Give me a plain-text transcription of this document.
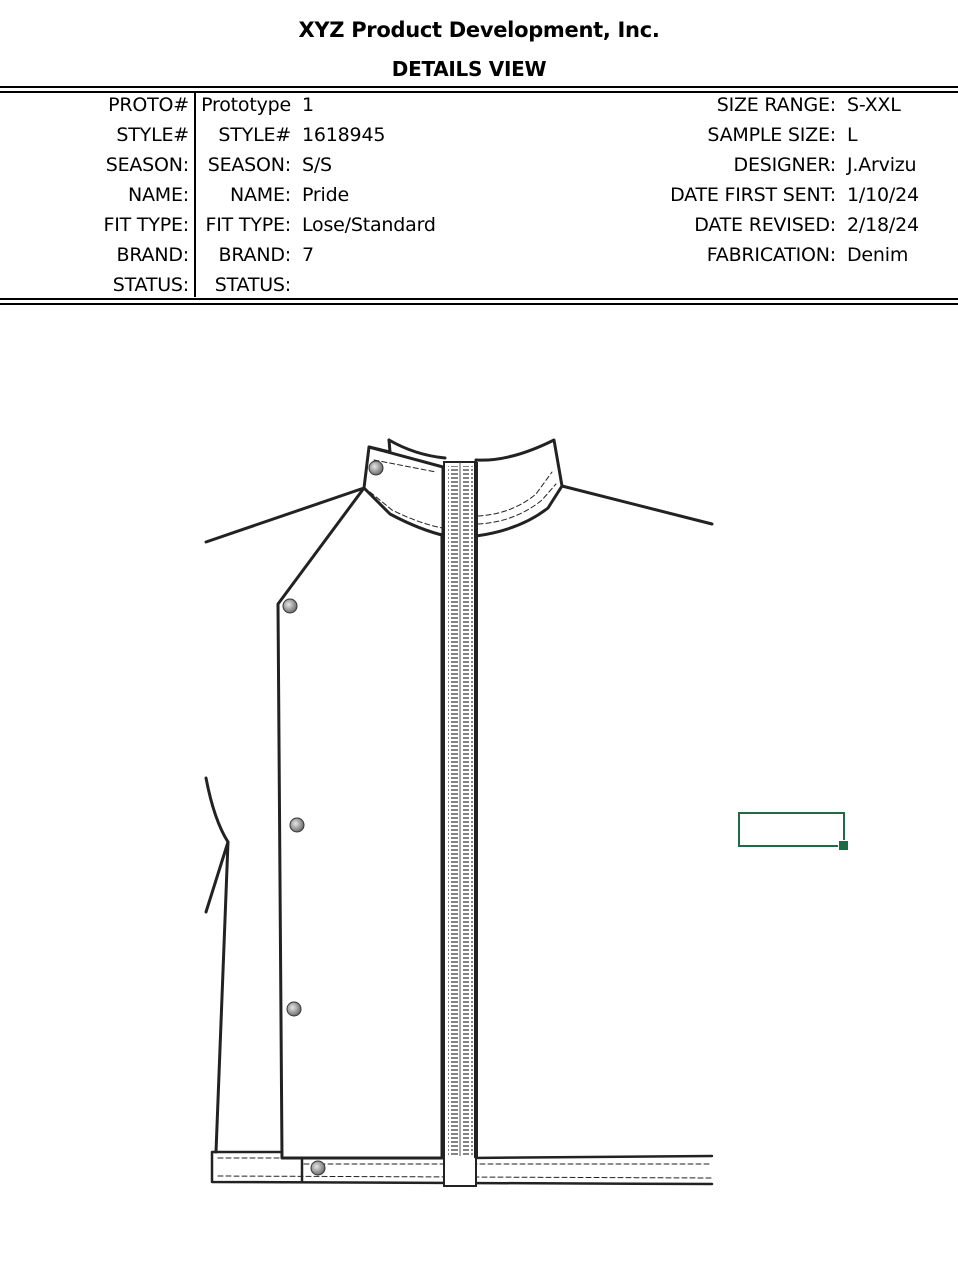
XYZ Product Development, Inc.
DETAILS VIEW
PROTO#
STYLE#
SEASON:
NAME:
FIT TYPE:
BRAND:
STATUS:
Prototype 1
STYLE# 1618945
SEASON: S/S
NAME: Pride
FIT TYPE: Lose/Standard
BRAND: 7
STATUS:
SIZE RANGE: S-XXL
SAMPLE SIZE: L
DESIGNER: J.Arvizu
DATE FIRST SENT: 1/10/24
DATE REVISED: 2/18/24
FABRICATION: Denim
